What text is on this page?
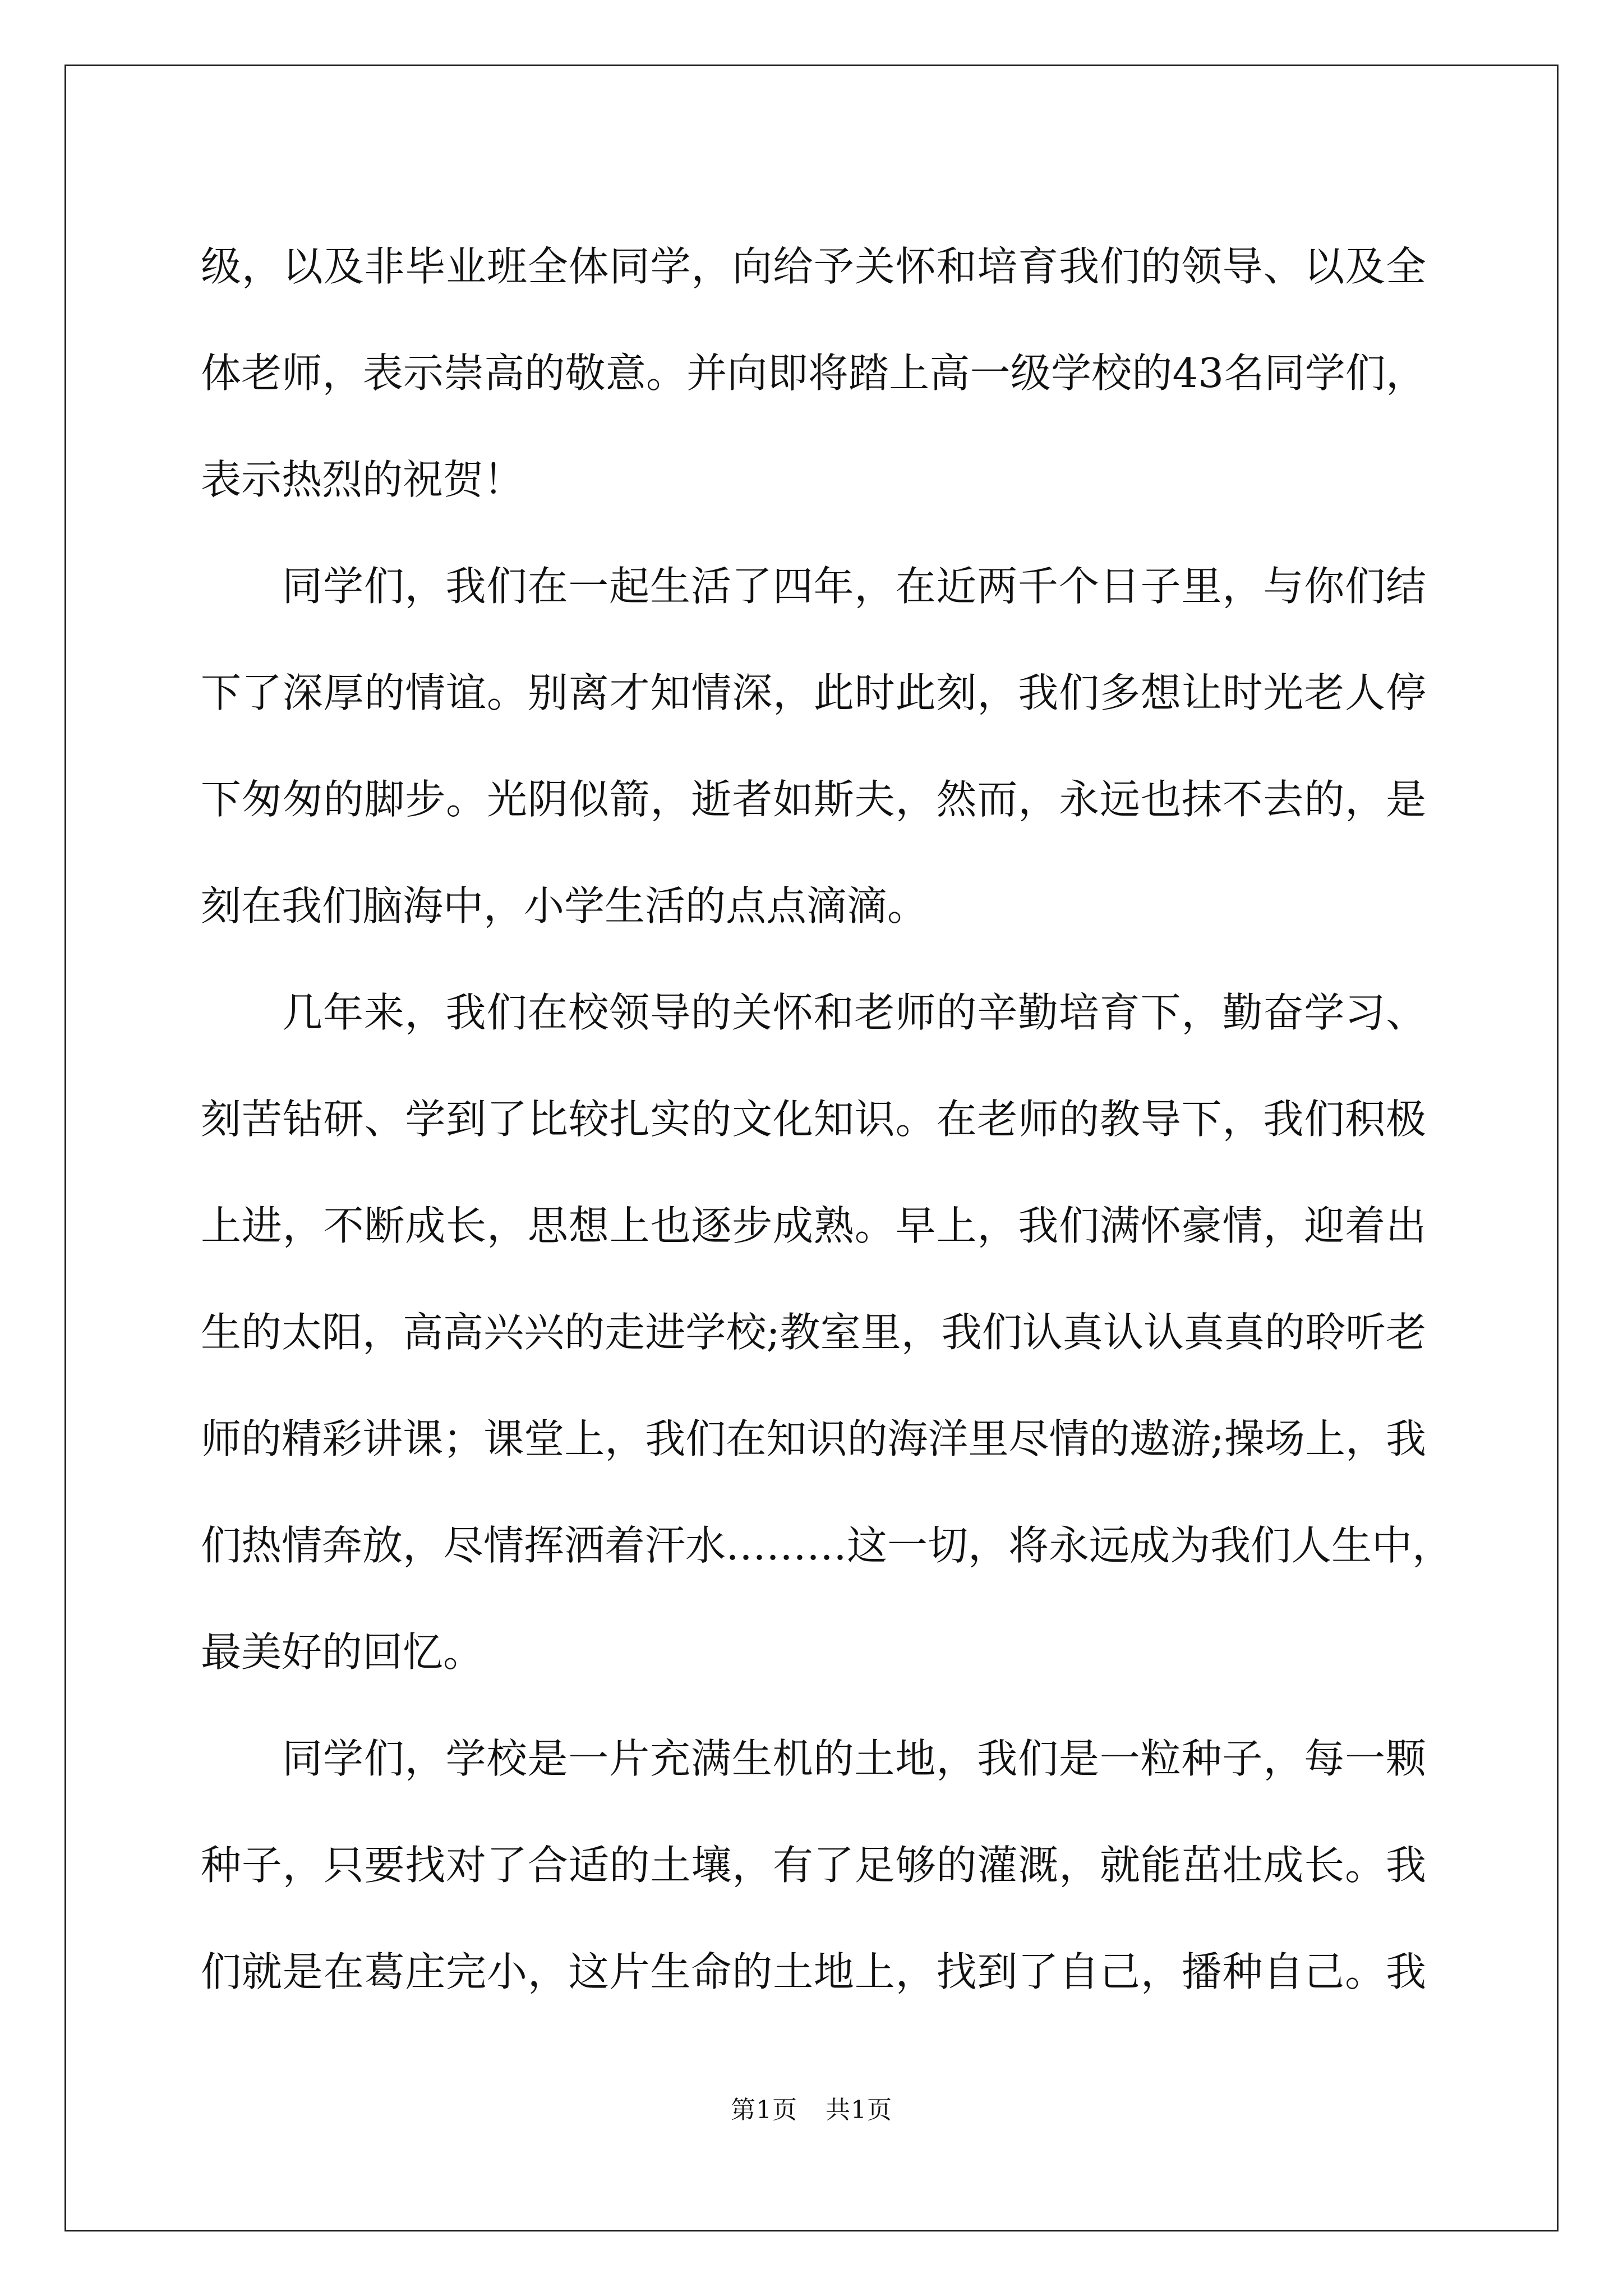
级，以及非毕业班全体同学，向给予关怀和培育我们的领导、以及全
体老师，表示崇高的敬意。并向即将踏上高一级学校的43名同学们，
表示热烈的祝贺！
同学们，我们在一起生活了四年，在近两千个日子里，与你们结
下了深厚的情谊。别离才知情深，此时此刻，我们多想让时光老人停
下匆匆的脚步。光阴似箭，逝者如斯夫，然而，永远也抹不去的，是
刻在我们脑海中，小学生活的点点滴滴。
几年来，我们在校领导的关怀和老师的辛勤培育下，勤奋学习、
刻苦钻研、学到了比较扎实的文化知识。在老师的教导下，我们积极
上进，不断成长，思想上也逐步成熟。早上，我们满怀豪情，迎着出
生的太阳，高高兴兴的走进学校;教室里，我们认真认认真真的聆听老
师的精彩讲课；课堂上，我们在知识的海洋里尽情的遨游;操场上，我
们热情奔放，尽情挥洒着汗水………这一切，将永远成为我们人生中，
最美好的回忆。
同学们，学校是一片充满生机的土地，我们是一粒种子，每一颗
种子，只要找对了合适的土壤，有了足够的灌溉，就能茁壮成长。我
们就是在葛庄完小，这片生命的土地上，找到了自己，播种自己。我
第1页 共1页
